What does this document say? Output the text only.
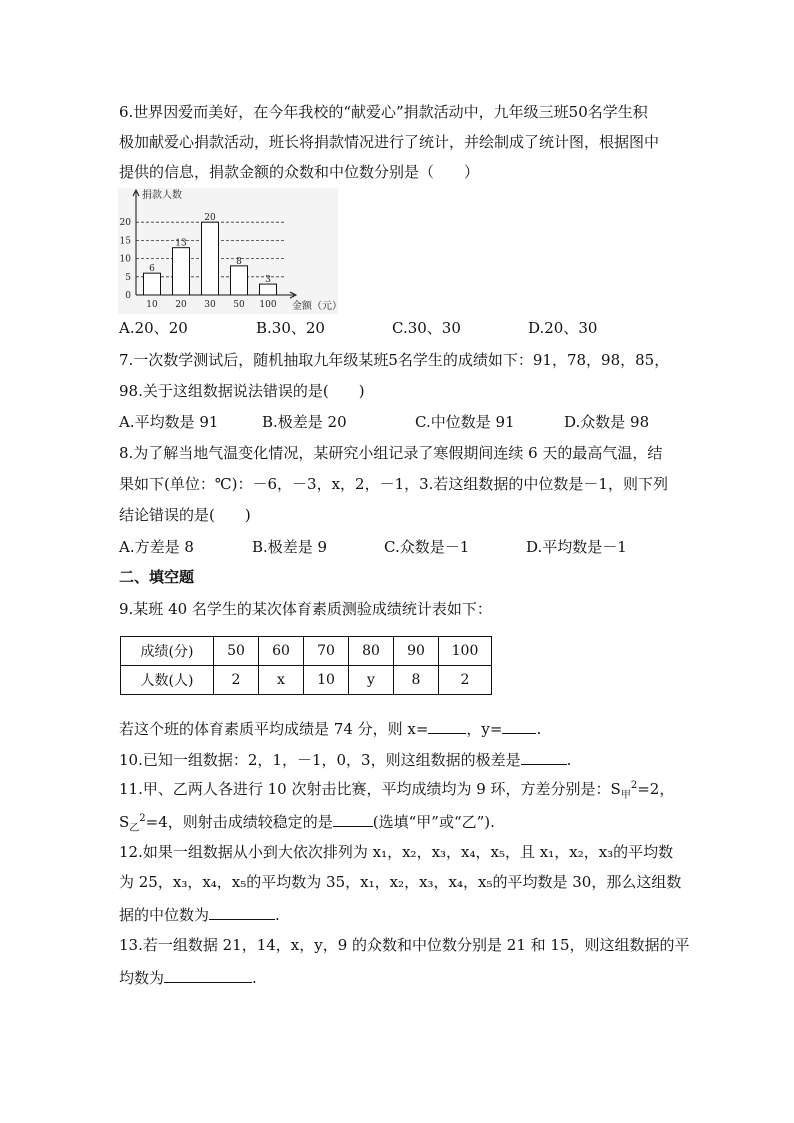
6.世界因爱而美好，在今年我校的“献爱心”捐款活动中，九年级三班50名学生积
极加献爱心捐款活动，班长将捐款情况进行了统计，并绘制成了统计图，根据图中
提供的信息，捐款金额的众数和中位数分别是（　　）
0
5
10
15
20
捐款人数
金额（元）
6
10
13
20
20
30
8
50
3
100
A.20、20	B.30、20	C.30、30	D.20、30
7.一次数学测试后，随机抽取九年级某班5名学生的成绩如下：91，78，98，85，
98.关于这组数据说法错误的是(　　)
A.平均数是 91	B.极差是 20	C.中位数是 91	D.众数是 98
8.为了解当地气温变化情况，某研究小组记录了寒假期间连续 6 天的最高气温，结
果如下(单位：℃)：－6，－3，x，2，－1，3.若这组数据的中位数是－1，则下列
结论错误的是(　　)
A.方差是 8	B.极差是 9	C.众数是－1	D.平均数是－1
二、填空题
9.某班 40 名学生的某次体育素质测验成绩统计表如下：
成绩(分)	50	60	70	80	90	100
人数(人)	2	x	10	y	8	2
若这个班的体育素质平均成绩是 74 分，则 x=	，y= .
10.已知一组数据：2，1，－1，0，3，则这组数据的极差是	.
11.甲、乙两人各进行 10 次射击比赛，平均成绩均为 9 环，方差分别是：$S_甲^2=2$，
$S_乙^2=4$，则射击成绩较稳定的是	(选填“甲”或“乙”).
12.如果一组数据从小到大依次排列为 x₁，x₂，x₃，x₄，x₅，且 x₁，x₂，x₃的平均数
为 25，x₃，x₄，x₅的平均数为 35，x₁，x₂，x₃，x₄，x₅的平均数是 30，那么这组数
据的中位数为	.
13.若一组数据 21，14，x，y，9 的众数和中位数分别是 21 和 15，则这组数据的平
均数为	.
